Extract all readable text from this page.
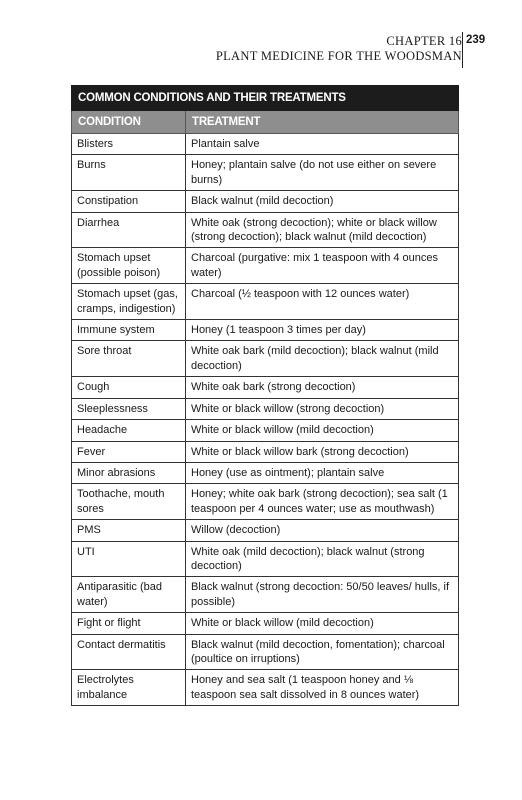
CHAPTER 16
PLANT MEDICINE FOR THE WOODSMAN
239
COMMON CONDITIONS AND THEIR TREATMENTS	
CONDITION	TREATMENT
Blisters	Plantain salve
Burns	Honey; plantain salve (do not use either on severe burns)
Constipation	Black walnut (mild decoction)
Diarrhea	White oak (strong decoction); white or black willow (strong decoction); black walnut (mild decoction)
Stomach upset (possible poison)	Charcoal (purgative: mix 1 teaspoon with 4 ounces water)
Stomach upset (gas, cramps, indigestion)	Charcoal (½ teaspoon with 12 ounces water)
Immune system	Honey (1 teaspoon 3 times per day)
Sore throat	White oak bark (mild decoction); black walnut (mild decoction)
Cough	White oak bark (strong decoction)
Sleeplessness	White or black willow (strong decoction)
Headache	White or black willow (mild decoction)
Fever	White or black willow bark (strong decoction)
Minor abrasions	Honey (use as ointment); plantain salve
Toothache, mouth sores	Honey; white oak bark (strong decoction); sea salt (1 teaspoon per 4 ounces water; use as mouthwash)
PMS	Willow (decoction)
UTI	White oak (mild decoction); black walnut (strong decoction)
Antiparasitic (bad water)	Black walnut (strong decoction: 50/50 leaves/ hulls, if possible)
Fight or flight	White or black willow (mild decoction)
Contact dermatitis	Black walnut (mild decoction, fomentation); charcoal (poultice on irruptions)
Electrolytes imbalance	Honey and sea salt (1 teaspoon honey and ⅛ teaspoon sea salt dissolved in 8 ounces water)
